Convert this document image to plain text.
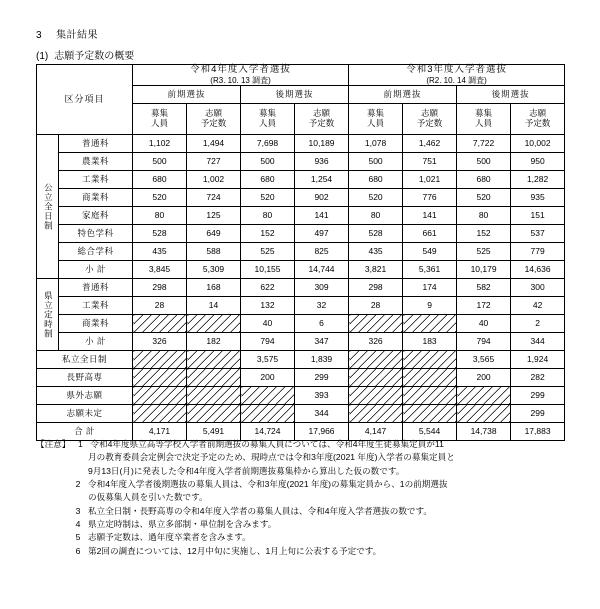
3 集計結果
(1) 志願予定数の概要
区分項目	
令和4年度入学者選抜
(R3. 10. 13 調査)

令和3年度入学者選抜
(R2. 10. 14 調査)

		前期選抜		後期選抜		前期選抜		後期選抜	

募集
人員

志願
予定数

募集
人員

志願
予定数

募集
人員

志願
予定数

募集
人員

志願
予定数

公立全日制	普通科	1,102	1,494	7,698	10,189	1,078	1,462	7,722	10,002
	農業科	500	727	500	936	500	751	500	950
	工業科	680	1,002	680	1,254	680	1,021	680	1,282
	商業科	520	724	520	902	520	776	520	935
	家庭科	80	125	80	141	80	141	80	151
	特色学科	528	649	152	497	528	661	152	537
	総合学科	435	588	525	825	435	549	525	779
	小 計	3,845	5,309	10,155	14,744	3,821	5,361	10,179	14,636
県立定時制	普通科	298	168	622	309	298	174	582	300
	工業科	28	14	132	32	28	9	172	42
	商業科			40	6			40	2
	小 計	326	182	794	347	326	183	794	344
私立全日制				3,575	1,839			3,565	1,924
長野高専				200	299			200	282
県外志願					393				299
志願未定					344				299
合 計		4,171	5,491	14,724	17,966	4,147	5,544	14,738	17,883
【注意】 1 令和4年度県立高等学校入学者前期選抜の募集人員については、令和4年度生徒募集定員が11
月の教育委員会定例会で決定予定のため、現時点では令和3年度(2021 年度)入学者の募集定員と
9月13日(月)に発表した令和4年度入学者前期選抜募集枠から算出した仮の数です。
2 令和4年度入学者後期選抜の募集人員は、令和3年度(2021 年度)の募集定員から、1の前期選抜
の仮募集人員を引いた数です。
3 私立全日制・長野高専の令和4年度入学者の募集人員は、令和4年度入学者選抜の数です。
4 県立定時制は、県立多部制・単位制を含みます。
5 志願予定数は、過年度卒業者を含みます。
6 第2回の調査については、12月中旬に実施し、1月上旬に公表する予定です。
